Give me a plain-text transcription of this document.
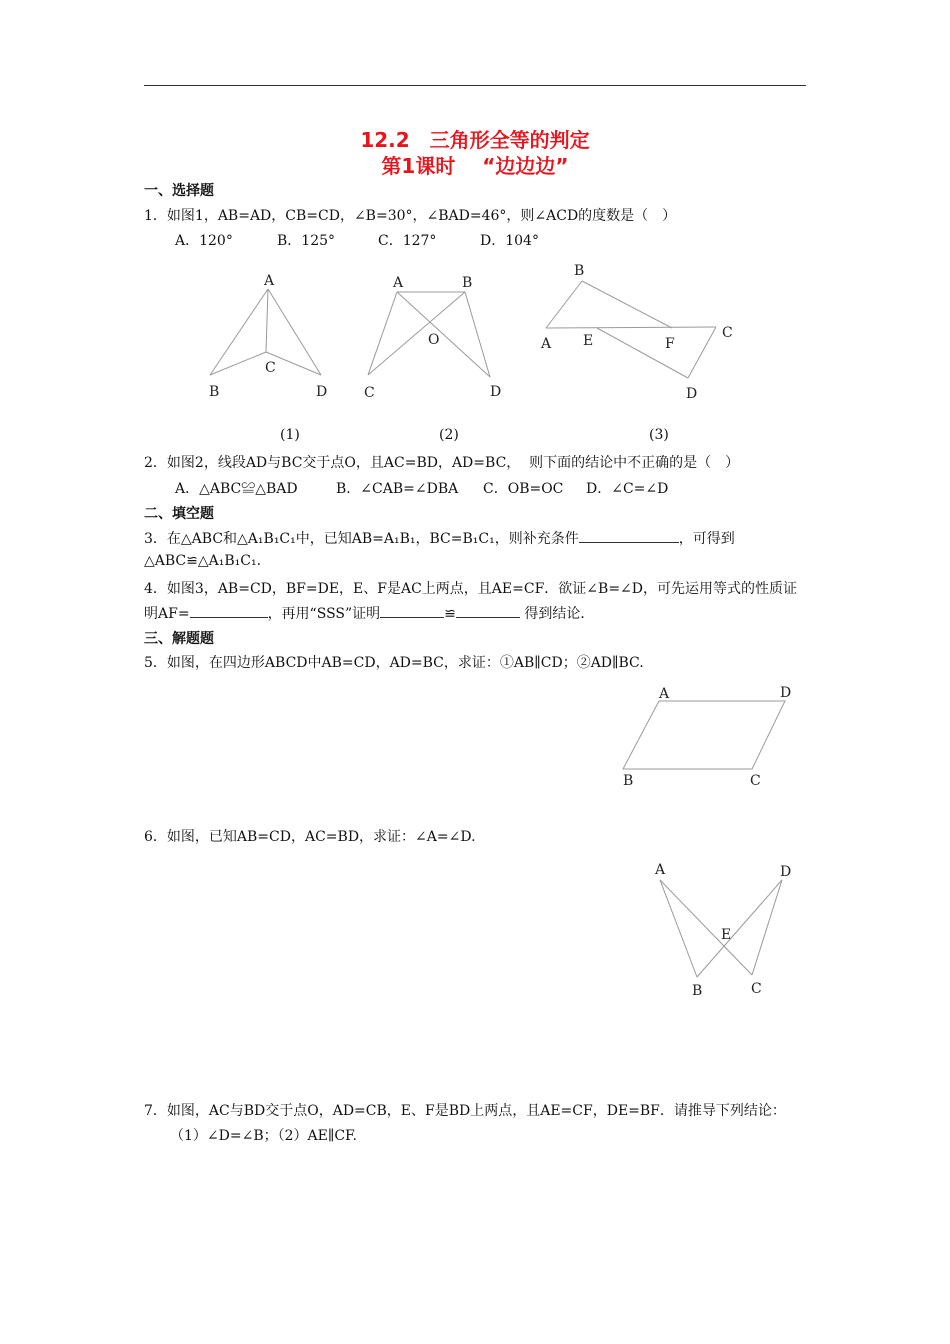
12.2　三角形全等的判定
第1课时　 “边边边”
一、选择题
1．如图1，AB=AD，CB=CD，∠B=30°，∠BAD=46°，则∠ACD的度数是（　）
A．120°	B．125°	C．127°	D．104°
A
B
C
D
A	B
C	D
O
B
A E	F
C
D
A	D
B	C
A	D
E
B	C
(1)	(2)	(3)
2．如图2，线段AD与BC交于点O，且AC=BD，AD=BC，  则下面的结论中不正确的是（　）
A．△ABC≌△BAD	B．∠CAB=∠DBA C．OB=OC D．∠C=∠D
二、填空题
3．在△ABC和△A₁B₁C₁中，已知AB=A₁B₁，BC=B₁C₁，则补充条件	，可得到
△ABC≌△A₁B₁C₁.
4．如图3，AB=CD，BF=DE，E、F是AC上两点，且AE=CF．欲证∠B=∠D，可先运用等式的性质证
明AF=	，再用“SSS”证明	≌	得到结论．
三、解题题
5．如图，在四边形ABCD中AB=CD，AD=BC，求证：①AB∥CD；②AD∥BC.
6．如图，已知AB=CD，AC=BD，求证：∠A=∠D.
7．如图，AC与BD交于点O，AD=CB，E、F是BD上两点，且AE=CF，DE=BF．请推导下列结论：
（1）∠D=∠B；（2）AE∥CF.
